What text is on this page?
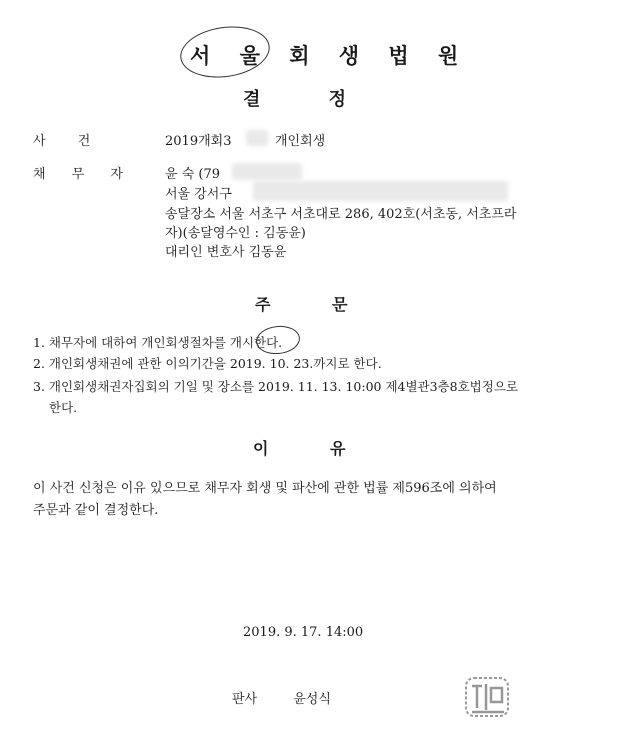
서 울 회 생 법 원
결 정
사 건	2019개회3	개인회생
채 무 자	윤 숙 (79
서울 강서구
송달장소 서울 서초구 서초대로 286, 402호(서초동, 서초프라
자)(송달영수인 : 김동윤)
대리인 변호사 김동윤
주 문
1. 채무자에 대하여 개인회생절차를 개시한다.
2. 개인회생채권에 관한 이의기간을 2019. 10. 23.까지로 한다.
3. 개인회생채권자집회의 기일 및 장소를 2019. 11. 13. 10:00 제4별관3층8호법정으로
한다.
이 유
이 사건 신청은 이유 있으므로 채무자 회생 및 파산에 관한 법률 제596조에 의하여
주문과 같이 결정한다.
2019. 9. 17. 14:00
판사 윤성식
